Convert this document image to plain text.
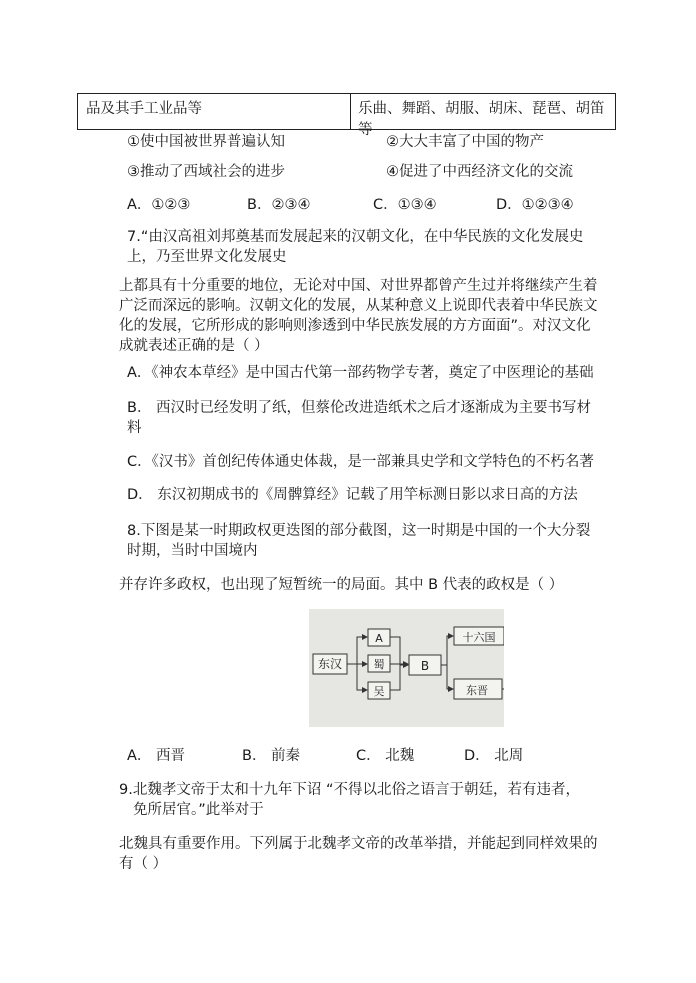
品及其手工业品等	乐曲、舞蹈、胡服、胡床、琵琶、胡笛等
①使中国被世界普遍认知	②大大丰富了中国的物产
③推动了西域社会的进步	④促进了中西经济文化的交流
A．①②③	B．②③④	C．①③④	D．①②③④
7.“由汉高祖刘邦奠基而发展起来的汉朝文化，在中华民族的文化发展史
上，乃至世界文化发展史
上都具有十分重要的地位，无论对中国、对世界都曾产生过并将继续产生着
广泛而深远的影响。汉朝文化的发展，从某种意义上说即代表着中华民族文
化的发展，它所形成的影响则渗透到中华民族发展的方方面面”。对汉文化
成就表述正确的是（ ）
A．《神农本草经》是中国古代第一部药物学专著，奠定了中医理论的基础
B． 西汉时已经发明了纸，但蔡伦改进造纸术之后才逐渐成为主要书写材
料
C．《汉书》首创纪传体通史体裁，是一部兼具史学和文学特色的不朽名著
D． 东汉初期成书的《周髀算经》记载了用竿标测日影以求日高的方法
8.下图是某一时期政权更迭图的部分截图，这一时期是中国的一个大分裂
时期，当时中国境内
并存许多政权，也出现了短暂统一的局面。其中 B 代表的政权是（ ）
东汉
A
蜀
吴
B
十六国
东晋
A． 西晋	B． 前秦	C． 北魏	D． 北周
9.北魏孝文帝于太和十九年下诏 “不得以北俗之语言于朝廷，若有违者，
免所居官。”此举对于
北魏具有重要作用。下列属于北魏孝文帝的改革举措，并能起到同样效果的
有（ ）
